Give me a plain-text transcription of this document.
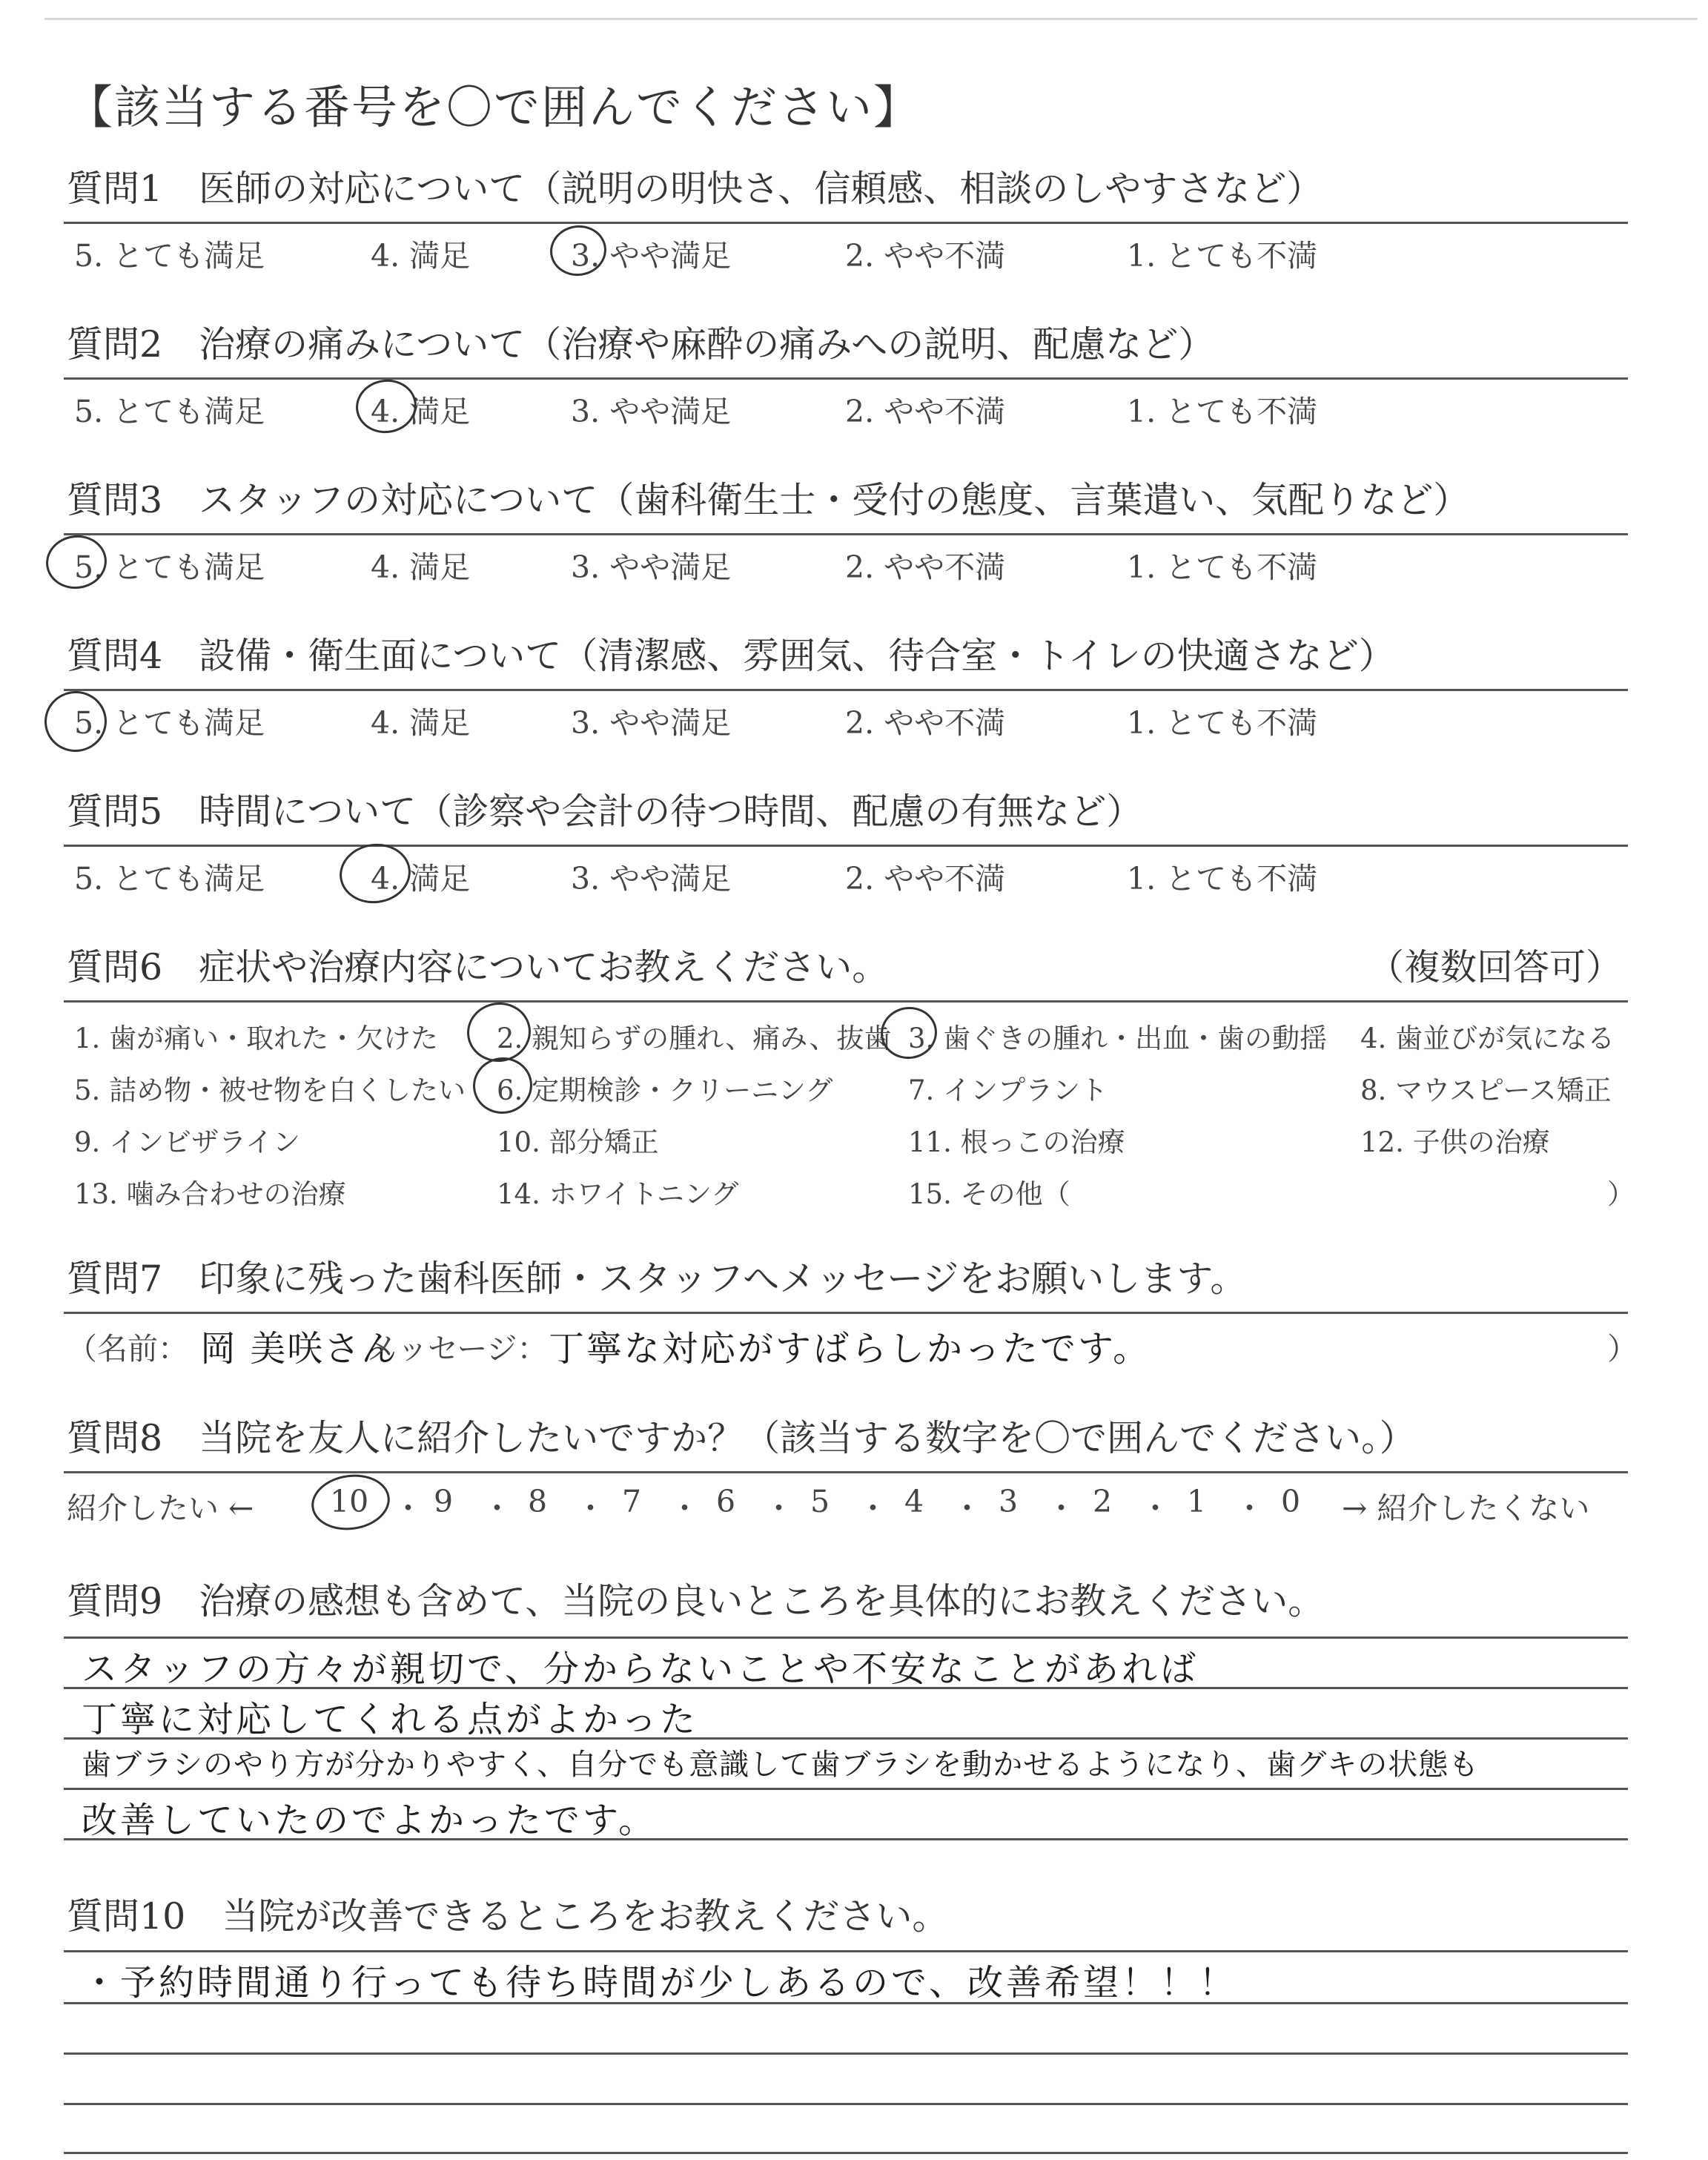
【該当する番号を〇で囲んでください】
質問1　医師の対応について（説明の明快さ、信頼感、相談のしやすさなど）
5. とても満足	4. 満足	3. やや満足	2. やや不満	1. とても不満
質問2　治療の痛みについて（治療や麻酔の痛みへの説明、配慮など）
5. とても満足	4. 満足	3. やや満足	2. やや不満	1. とても不満
質問3　スタッフの対応について（歯科衛生士・受付の態度、言葉遣い、気配りなど）
5. とても満足	4. 満足	3. やや満足	2. やや不満	1. とても不満
質問4　設備・衛生面について（清潔感、雰囲気、待合室・トイレの快適さなど）
5. とても満足	4. 満足	3. やや満足	2. やや不満	1. とても不満
質問5　時間について（診察や会計の待つ時間、配慮の有無など）
5. とても満足	4. 満足	3. やや満足	2. やや不満	1. とても不満
質問6　症状や治療内容についてお教えください。	（複数回答可）
1. 歯が痛い・取れた・欠けた 2. 親知らずの腫れ、痛み、抜歯 3. 歯ぐきの腫れ・出血・歯の動揺 4. 歯並びが気になる
5. 詰め物・被せ物を白くしたい 6. 定期検診・クリーニング	7. インプラント	8. マウスピース矯正
9. インビザライン	10. 部分矯正	11. 根っこの治療	12. 子供の治療
13. 噛み合わせの治療	14. ホワイトニング	15. その他（	）
質問7　印象に残った歯科医師・スタッフへメッセージをお願いします。
（名前： 岡 美咲さん
メッセージ： 丁寧な対応がすばらしかったです。	）
質問8　当院を友人に紹介したいですか？（該当する数字を〇で囲んでください。）
紹介したい ←	10 ・ 9 ・ 8 ・ 7 ・ 6 ・ 5 ・ 4 ・ 3 ・ 2 ・ 1 ・ 0 → 紹介したくない
質問9　治療の感想も含めて、当院の良いところを具体的にお教えください。
スタッフの方々が親切で、分からないことや不安なことがあれば
丁寧に対応してくれる点がよかった
歯ブラシのやり方が分かりやすく、自分でも意識して歯ブラシを動かせるようになり、歯グキの状態も
改善していたのでよかったです。
質問10　当院が改善できるところをお教えください。
・予約時間通り行っても待ち時間が少しあるので、改善希望！！！
